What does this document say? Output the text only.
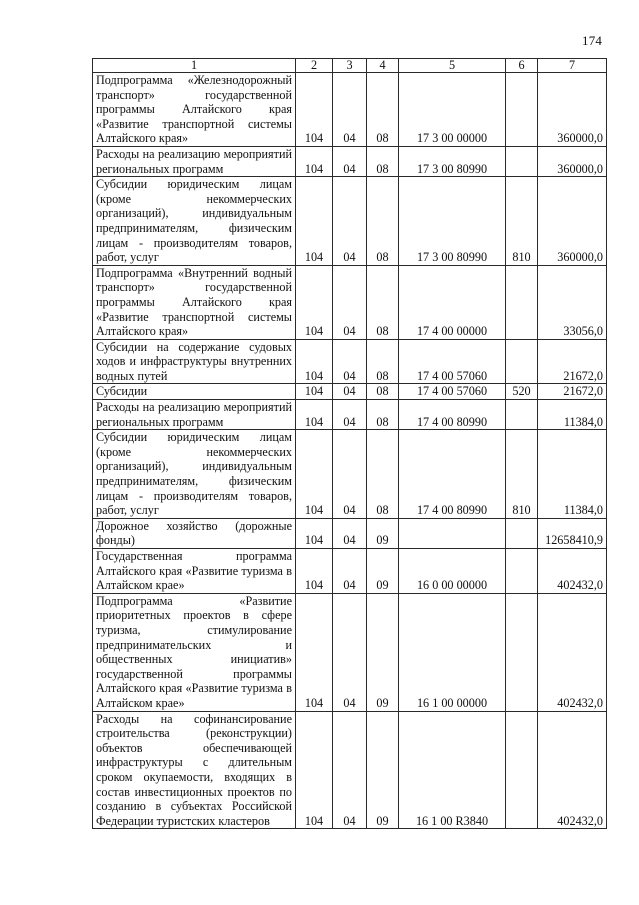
174
1	2	3	4	5	6	7
Подпрограмма «Железнодорожный транспорт» государственной программы Алтайского края «Развитие транспортной системы Алтайского края»	104	04	08	17 3 00 00000		360000,0
Расходы на реализацию мероприятий региональных программ	104	04	08	17 3 00 80990		360000,0
Субсидии юридическим лицам (кроме некоммерческих организаций), индивидуальным предпринимателям, физическим лицам - производителям товаров, работ, услуг	104	04	08	17 3 00 80990	810	360000,0
Подпрограмма «Внутренний водный транспорт» государственной программы Алтайского края «Развитие транспортной системы Алтайского края»	104	04	08	17 4 00 00000		33056,0
Субсидии на содержание судовых ходов и инфраструктуры внутренних водных путей	104	04	08	17 4 00 57060		21672,0
Субсидии	104	04	08	17 4 00 57060	520	21672,0
Расходы на реализацию мероприятий региональных программ	104	04	08	17 4 00 80990		11384,0
Субсидии юридическим лицам (кроме некоммерческих организаций), индивидуальным предпринимателям, физическим лицам - производителям товаров, работ, услуг	104	04	08	17 4 00 80990	810	11384,0
Дорожное хозяйство (дорожные фонды)	104	04	09			12658410,9
Государственная программа Алтайского края «Развитие туризма в Алтайском крае»	104	04	09	16 0 00 00000		402432,0
Подпрограмма «Развитие приоритетных проектов в сфере туризма, стимулирование предпринимательских и общественных инициатив» государственной программы Алтайского края «Развитие туризма в Алтайском крае»	104	04	09	16 1 00 00000		402432,0
Расходы на софинансирование строительства (реконструкции) объектов обеспечивающей инфраструктуры с длительным сроком окупаемости, входящих в состав инвестиционных проектов по созданию в субъектах Российской Федерации туристских кластеров	104	04	09	16 1 00 R3840		402432,0
